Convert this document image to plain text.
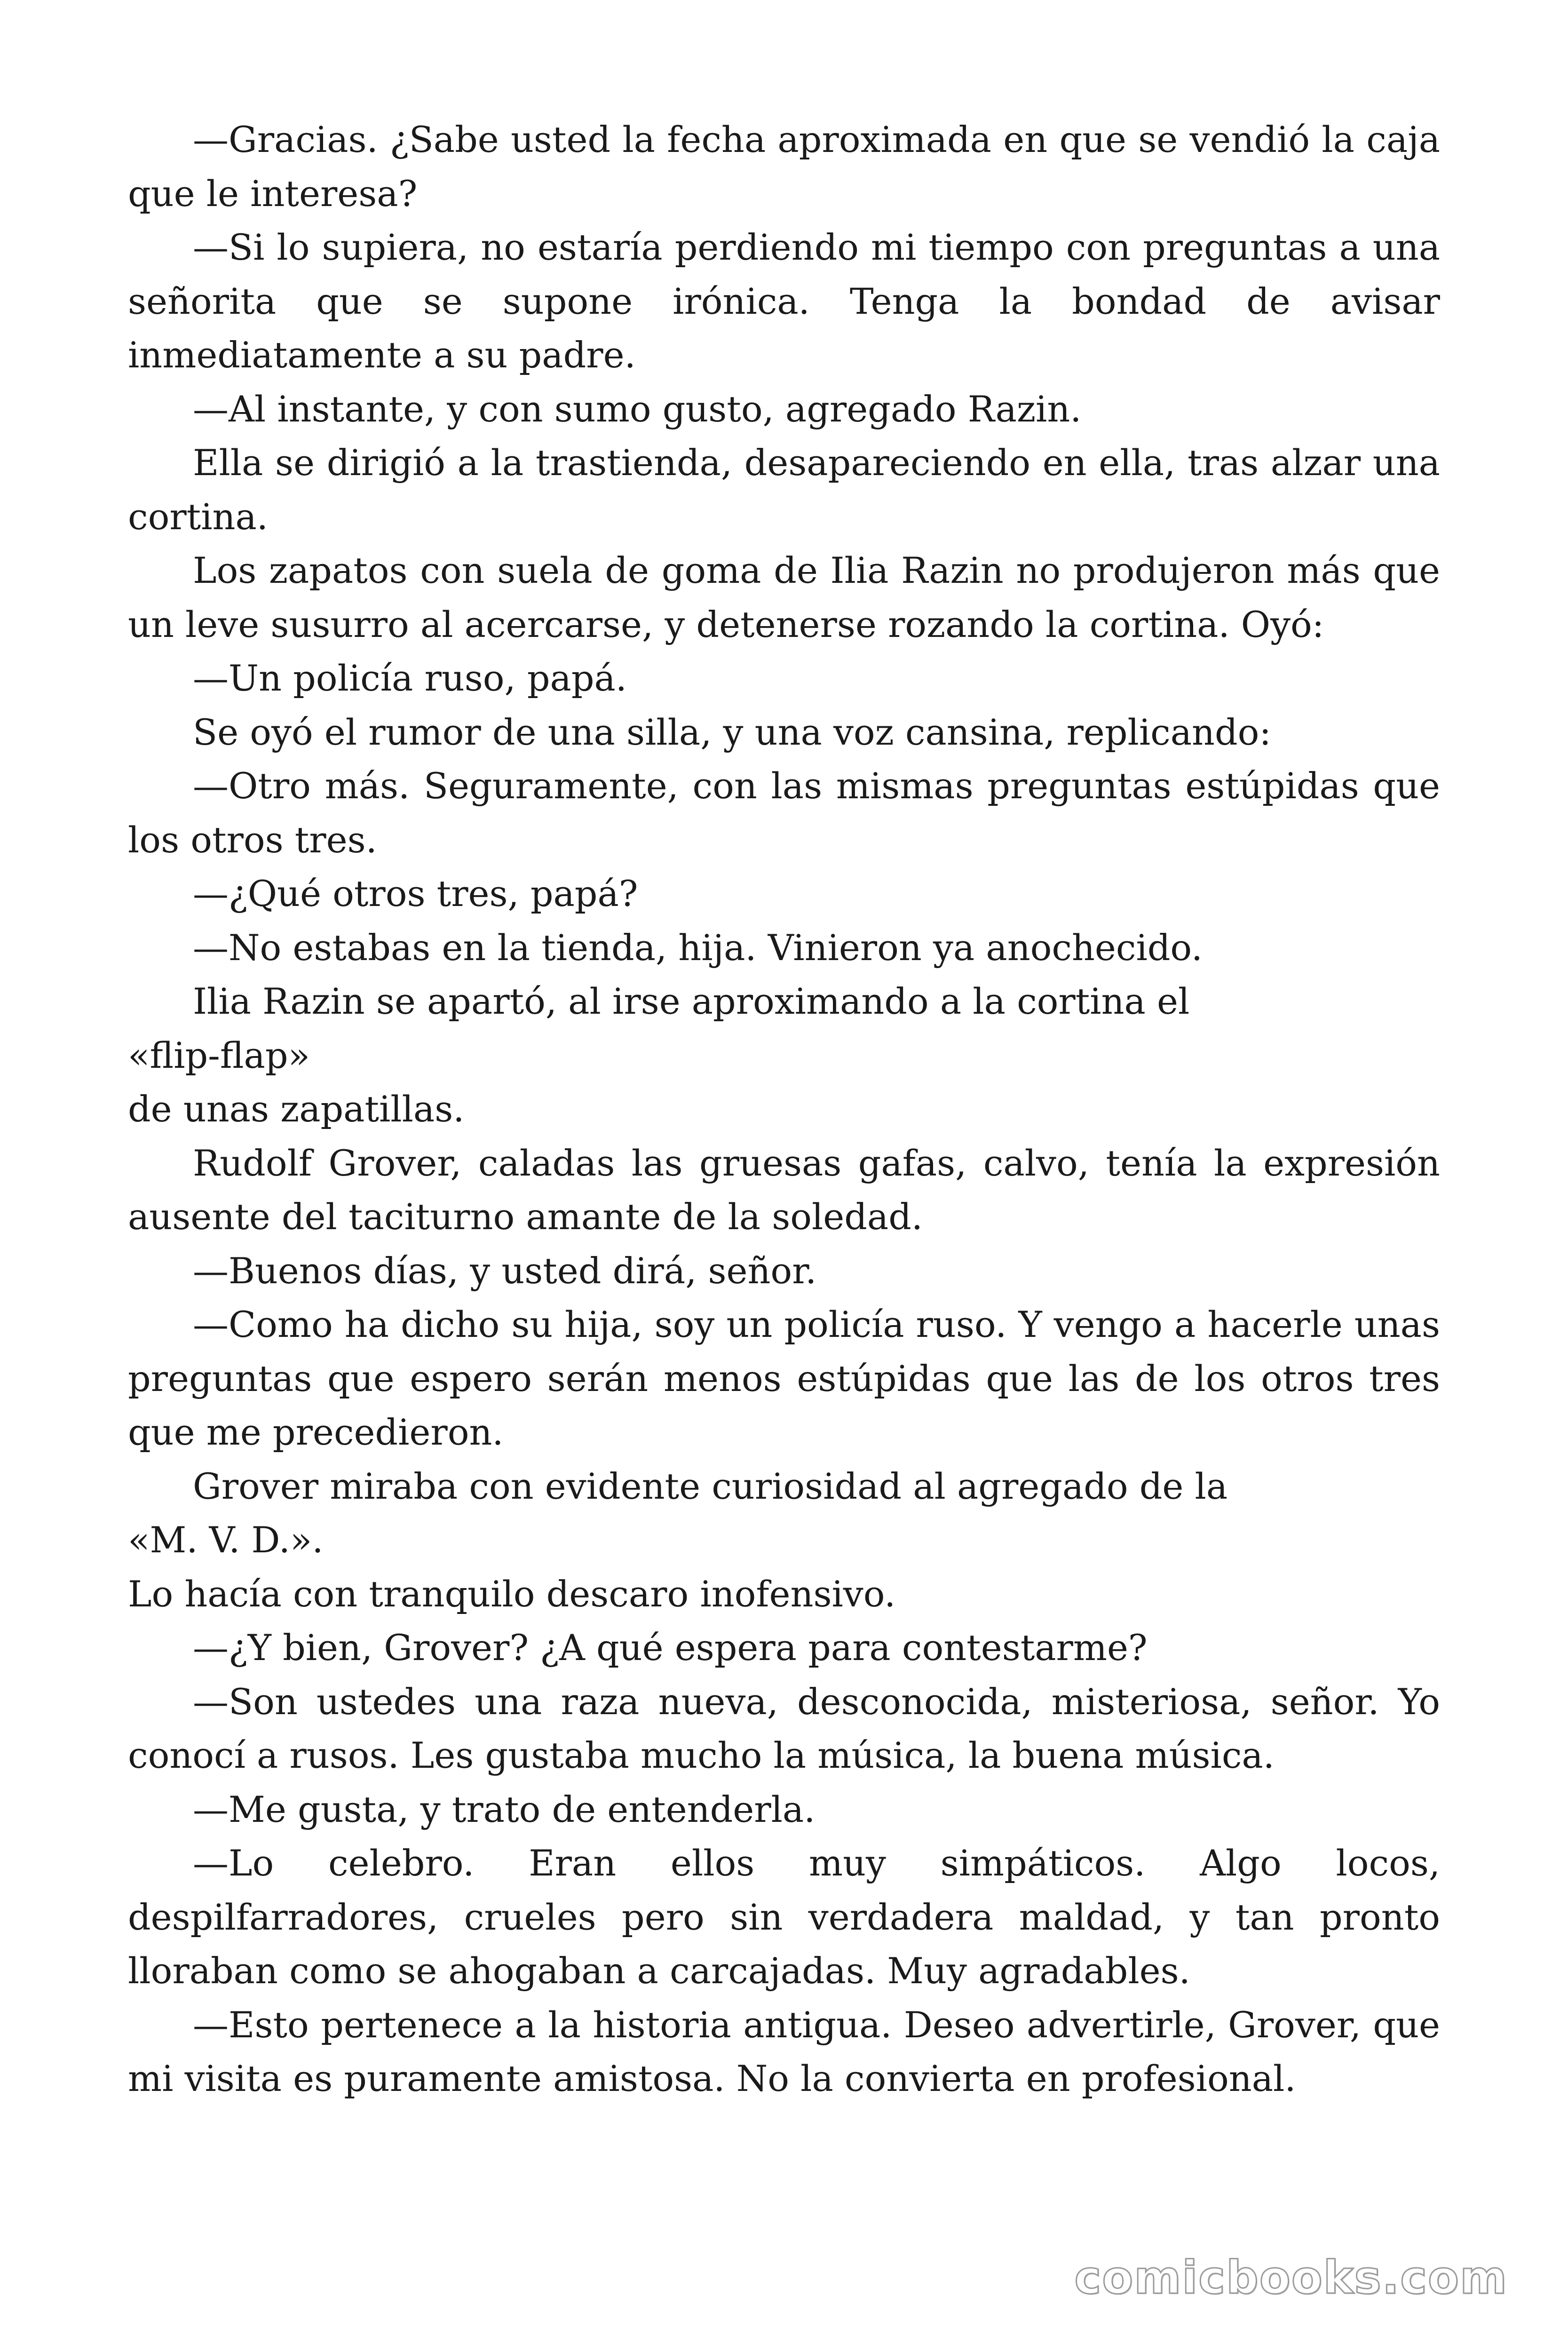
—Gracias. ¿Sabe usted la fecha aproximada en que se vendió la caja que le interesa?

—Si lo supiera, no estaría perdiendo mi tiempo con preguntas a una señorita que se supone irónica. Tenga la bondad de avisar inmediatamente a su padre.

—Al instante, y con sumo gusto, agregado Razin.

Ella se dirigió a la trastienda, desapareciendo en ella, tras alzar una cortina.

Los zapatos con suela de goma de Ilia Razin no produjeron más que un leve susurro al acercarse, y detenerse rozando la cortina. Oyó:

—Un policía ruso, papá.

Se oyó el rumor de una silla, y una voz cansina, replicando:

—Otro más. Seguramente, con las mismas preguntas estúpidas que los otros tres.

—¿Qué otros tres, papá?

—No estabas en la tienda, hija. Vinieron ya anochecido.

Ilia Razin se apartó, al irse aproximando a la cortina el

«flip-flap»

de unas zapatillas.

Rudolf Grover, caladas las gruesas gafas, calvo, tenía la expresión ausente del taciturno amante de la soledad.

—Buenos días, y usted dirá, señor.

—Como ha dicho su hija, soy un policía ruso. Y vengo a hacerle unas preguntas que espero serán menos estúpidas que las de los otros tres que me precedieron.

Grover miraba con evidente curiosidad al agregado de la

«M. V. D.».

Lo hacía con tranquilo descaro inofensivo.

—¿Y bien, Grover? ¿A qué espera para contestarme?

—Son ustedes una raza nueva, desconocida, misteriosa, señor. Yo conocí a rusos. Les gustaba mucho la música, la buena música.

—Me gusta, y trato de entenderla.

—Lo celebro. Eran ellos muy simpáticos. Algo locos, despilfarradores, crueles pero sin verdadera maldad, y tan pronto lloraban como se ahogaban a carcajadas. Muy agradables.

—Esto pertenece a la historia antigua. Deseo advertirle, Grover, que mi visita es puramente amistosa. No la convierta en profesional.

comicbooks.com
